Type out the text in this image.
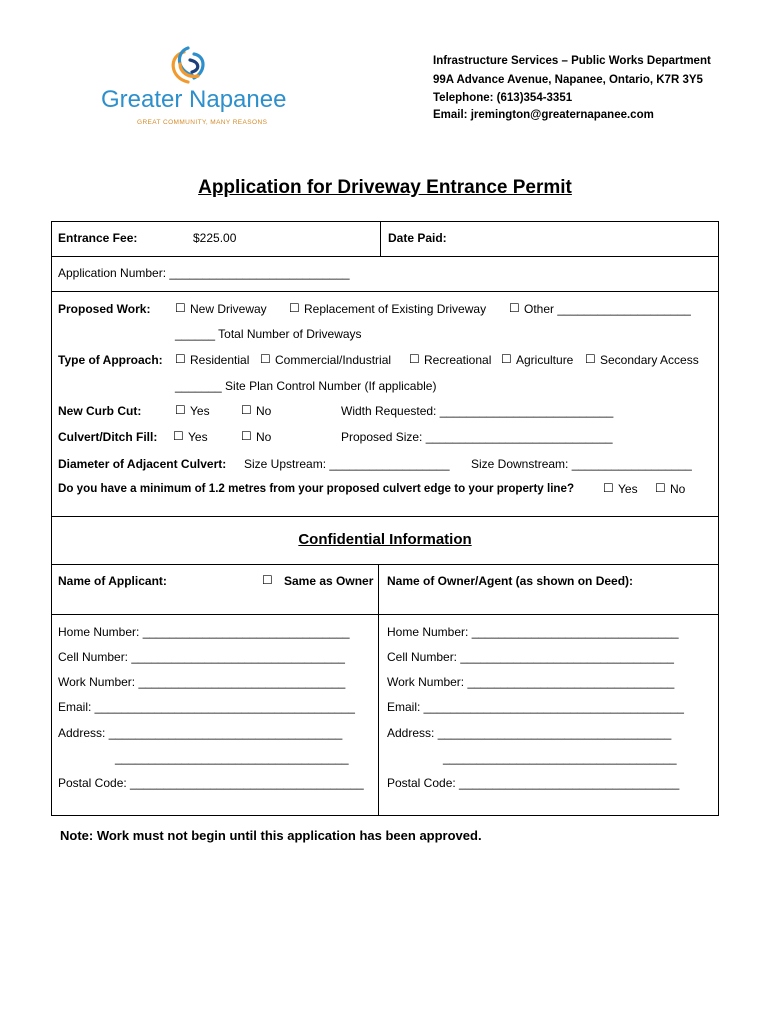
Greater Napanee
GREAT COMMUNITY, MANY REASONS
Infrastructure Services – Public Works Department
99A Advance Avenue, Napanee, Ontario, K7R 3Y5
Telephone: (613)354-3351
Email: jremington@greaternapanee.com
Application for Driveway Entrance Permit
Entrance Fee:	$225.00	Date Paid:
Application Number: ___________________________
Proposed Work: ☐ New Driveway ☐ Replacement of Existing Driveway ☐ Other ____________________
______ Total Number of Driveways
Type of Approach: ☐ Residential ☐ Commercial/Industrial ☐ Recreational ☐ Agriculture ☐ Secondary Access
_______ Site Plan Control Number (If applicable)
New Curb Cut:	☐ Yes	☐ No	Width Requested: __________________________
Culvert/Ditch Fill: ☐ Yes	☐ No	Proposed Size: ____________________________
Diameter of Adjacent Culvert: Size Upstream: __________________ Size Downstream: __________________
Do you have a minimum of 1.2 metres from your proposed culvert edge to your property line? ☐ Yes ☐ No
Confidential Information
Name of Applicant:	☐ Same as Owner Name of Owner/Agent (as shown on Deed):
Home Number: _______________________________
Cell Number: ________________________________
Work Number: _______________________________
Email: _______________________________________
Address: ___________________________________
___________________________________
Postal Code: ___________________________________
Home Number: _______________________________
Cell Number: ________________________________
Work Number: _______________________________
Email: _______________________________________
Address: ___________________________________
___________________________________
Postal Code: _________________________________
Note: Work must not begin until this application has been approved.
